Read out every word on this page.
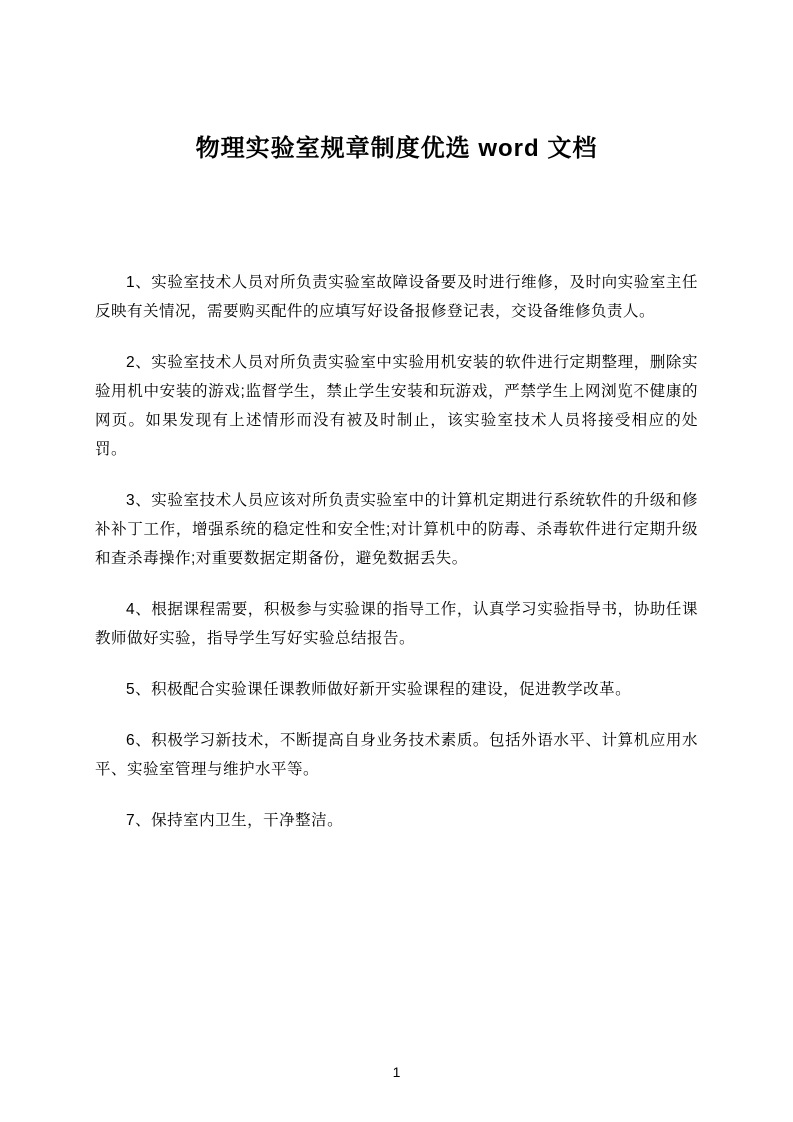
物理实验室规章制度优选 word 文档

1、实验室技术人员对所负责实验室故障设备要及时进行维修，及时向实验室主任反映有关情况，需要购买配件的应填写好设备报修登记表，交设备维修负责人。

2、实验室技术人员对所负责实验室中实验用机安装的软件进行定期整理，删除实验用机中安装的游戏;监督学生，禁止学生安装和玩游戏，严禁学生上网浏览不健康的网页。如果发现有上述情形而没有被及时制止，该实验室技术人员将接受相应的处罚。

3、实验室技术人员应该对所负责实验室中的计算机定期进行系统软件的升级和修补补丁工作，增强系统的稳定性和安全性;对计算机中的防毒、杀毒软件进行定期升级和查杀毒操作;对重要数据定期备份，避免数据丢失。

4、根据课程需要，积极参与实验课的指导工作，认真学习实验指导书，协助任课教师做好实验，指导学生写好实验总结报告。

5、积极配合实验课任课教师做好新开实验课程的建设，促进教学改革。

6、积极学习新技术，不断提高自身业务技术素质。包括外语水平、计算机应用水平、实验室管理与维护水平等。

7、保持室内卫生，干净整洁。

1
